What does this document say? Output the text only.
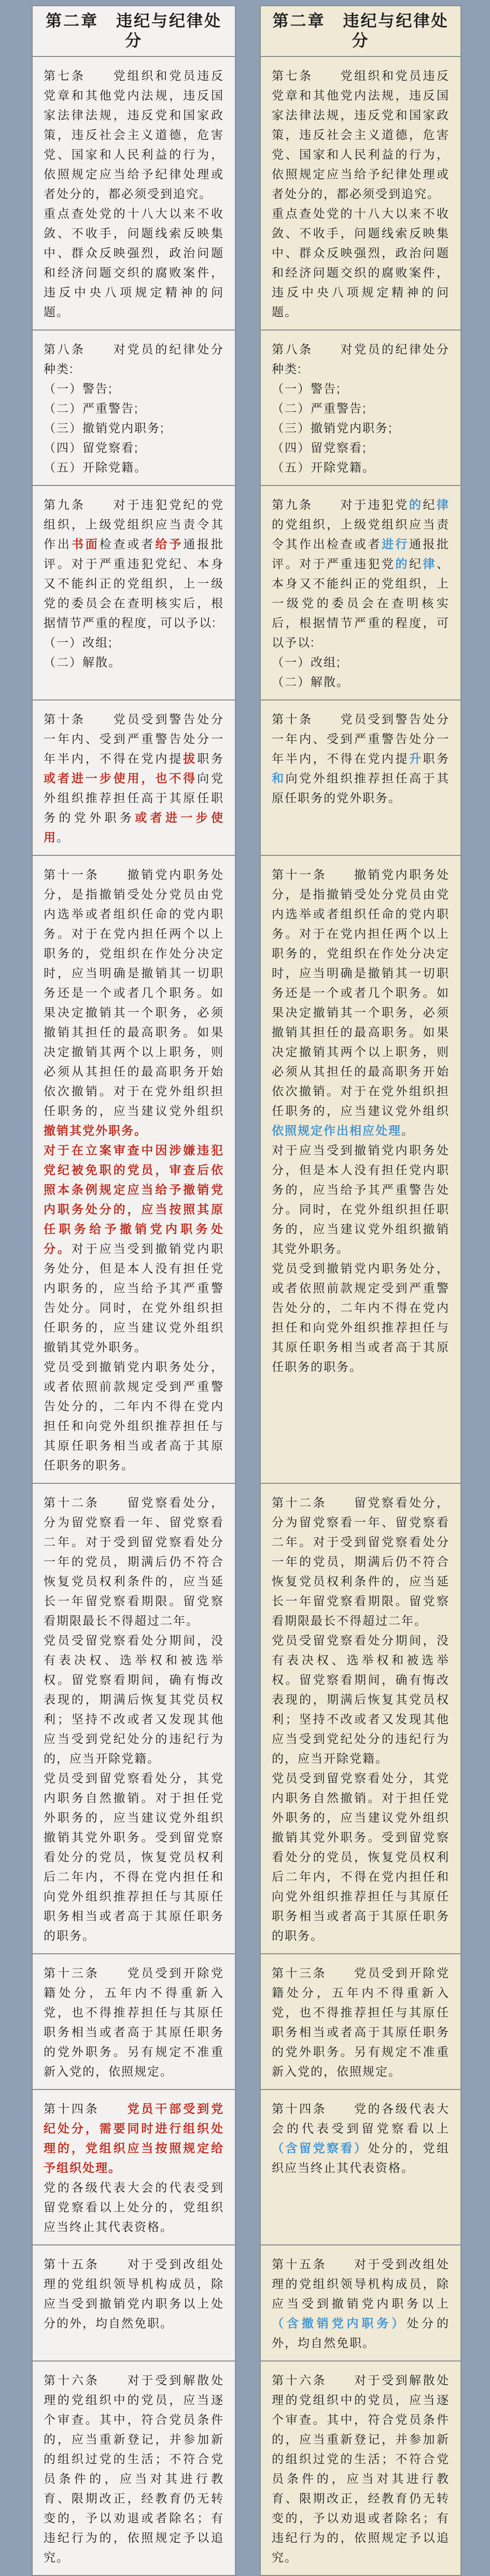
第二章　违纪与纪律处分

第二章　违纪与纪律处分

第七条　　党组织和党员违反党章和其他党内法规，违反国家法律法规，违反党和国家政策，违反社会主义道德，危害党、国家和人民利益的行为，依照规定应当给予纪律处理或者处分的，都必须受到追究。

重点查处党的十八大以来不收敛、不收手，问题线索反映集中、群众反映强烈，政治问题和经济问题交织的腐败案件，违反中央八项规定精神的问题。

第七条　　党组织和党员违反党章和其他党内法规，违反国家法律法规，违反党和国家政策，违反社会主义道德，危害党、国家和人民利益的行为，依照规定应当给予纪律处理或者处分的，都必须受到追究。

重点查处党的十八大以来不收敛、不收手，问题线索反映集中、群众反映强烈，政治问题和经济问题交织的腐败案件，违反中央八项规定精神的问题。

第八条　　对党员的纪律处分种类:

（一）警告;

（二）严重警告;

（三）撤销党内职务;

（四）留党察看;

（五）开除党籍。

第八条　　对党员的纪律处分种类:

（一）警告;

（二）严重警告;

（三）撤销党内职务;

（四）留党察看;

（五）开除党籍。

第九条　　对于违犯党纪的党组织，上级党组织应当责令其作出书面检查或者给予通报批评。对于严重违犯党纪、本身又不能纠正的党组织，上一级党的委员会在查明核实后，根据情节严重的程度，可以予以:

（一）改组;

（二）解散。

第九条　　对于违犯党的纪律的党组织，上级党组织应当责令其作出检查或者进行通报批评。对于严重违犯党的纪律、本身又不能纠正的党组织，上一级党的委员会在查明核实后，根据情节严重的程度，可以予以:

（一）改组;

（二）解散。

第十条　　党员受到警告处分一年内、受到严重警告处分一年半内，不得在党内提拔职务或者进一步使用，也不得向党外组织推荐担任高于其原任职务的党外职务或者进一步使用。

第十条　　党员受到警告处分一年内、受到严重警告处分一年半内，不得在党内提升职务和向党外组织推荐担任高于其原任职务的党外职务。

第十一条　　撤销党内职务处分，是指撤销受处分党员由党内选举或者组织任命的党内职务。对于在党内担任两个以上职务的，党组织在作处分决定时，应当明确是撤销其一切职务还是一个或者几个职务。如果决定撤销其一个职务，必须撤销其担任的最高职务。如果决定撤销其两个以上职务，则必须从其担任的最高职务开始依次撤销。对于在党外组织担任职务的，应当建议党外组织撤销其党外职务。

对于在立案审查中因涉嫌违犯党纪被免职的党员，审查后依照本条例规定应当给予撤销党内职务处分的，应当按照其原任职务给予撤销党内职务处分。对于应当受到撤销党内职务处分，但是本人没有担任党内职务的，应当给予其严重警告处分。同时，在党外组织担任职务的，应当建议党外组织撤销其党外职务。

党员受到撤销党内职务处分，或者依照前款规定受到严重警告处分的，二年内不得在党内担任和向党外组织推荐担任与其原任职务相当或者高于其原任职务的职务。

第十一条　　撤销党内职务处分，是指撤销受处分党员由党内选举或者组织任命的党内职务。对于在党内担任两个以上职务的，党组织在作处分决定时，应当明确是撤销其一切职务还是一个或者几个职务。如果决定撤销其一个职务，必须撤销其担任的最高职务。如果决定撤销其两个以上职务，则必须从其担任的最高职务开始依次撤销。对于在党外组织担任职务的，应当建议党外组织依照规定作出相应处理。

对于应当受到撤销党内职务处分，但是本人没有担任党内职务的，应当给予其严重警告处分。同时，在党外组织担任职务的，应当建议党外组织撤销其党外职务。

党员受到撤销党内职务处分，或者依照前款规定受到严重警告处分的，二年内不得在党内担任和向党外组织推荐担任与其原任职务相当或者高于其原任职务的职务。

第十二条　　留党察看处分，分为留党察看一年、留党察看二年。对于受到留党察看处分一年的党员，期满后仍不符合恢复党员权利条件的，应当延长一年留党察看期限。留党察看期限最长不得超过二年。

党员受留党察看处分期间，没有表决权、选举权和被选举权。留党察看期间，确有悔改表现的，期满后恢复其党员权利；坚持不改或者又发现其他应当受到党纪处分的违纪行为的，应当开除党籍。

党员受到留党察看处分，其党内职务自然撤销。对于担任党外职务的，应当建议党外组织撤销其党外职务。受到留党察看处分的党员，恢复党员权利后二年内，不得在党内担任和向党外组织推荐担任与其原任职务相当或者高于其原任职务的职务。

第十二条　　留党察看处分，分为留党察看一年、留党察看二年。对于受到留党察看处分一年的党员，期满后仍不符合恢复党员权利条件的，应当延长一年留党察看期限。留党察看期限最长不得超过二年。

党员受留党察看处分期间，没有表决权、选举权和被选举权。留党察看期间，确有悔改表现的，期满后恢复其党员权利；坚持不改或者又发现其他应当受到党纪处分的违纪行为的，应当开除党籍。

党员受到留党察看处分，其党内职务自然撤销。对于担任党外职务的，应当建议党外组织撤销其党外职务。受到留党察看处分的党员，恢复党员权利后二年内，不得在党内担任和向党外组织推荐担任与其原任职务相当或者高于其原任职务的职务。

第十三条　　党员受到开除党籍处分，五年内不得重新入党，也不得推荐担任与其原任职务相当或者高于其原任职务的党外职务。另有规定不准重新入党的，依照规定。

第十三条　　党员受到开除党籍处分，五年内不得重新入党，也不得推荐担任与其原任职务相当或者高于其原任职务的党外职务。另有规定不准重新入党的，依照规定。

第十四条　　党员干部受到党纪处分，需要同时进行组织处理的，党组织应当按照规定给予组织处理。

党的各级代表大会的代表受到留党察看以上处分的，党组织应当终止其代表资格。

第十四条　　党的各级代表大会的代表受到留党察看以上（含留党察看）处分的，党组织应当终止其代表资格。

第十五条　　对于受到改组处理的党组织领导机构成员，除应当受到撤销党内职务以上处分的外，均自然免职。

第十五条　　对于受到改组处理的党组织领导机构成员，除应当受到撤销党内职务以上（含撤销党内职务）处分的外，均自然免职。

第十六条　　对于受到解散处理的党组织中的党员，应当逐个审查。其中，符合党员条件的，应当重新登记，并参加新的组织过党的生活；不符合党员条件的，应当对其进行教育、限期改正，经教育仍无转变的，予以劝退或者除名；有违纪行为的，依照规定予以追究。

第十六条　　对于受到解散处理的党组织中的党员，应当逐个审查。其中，符合党员条件的，应当重新登记，并参加新的组织过党的生活；不符合党员条件的，应当对其进行教育、限期改正，经教育仍无转变的，予以劝退或者除名；有违纪行为的，依照规定予以追究。
